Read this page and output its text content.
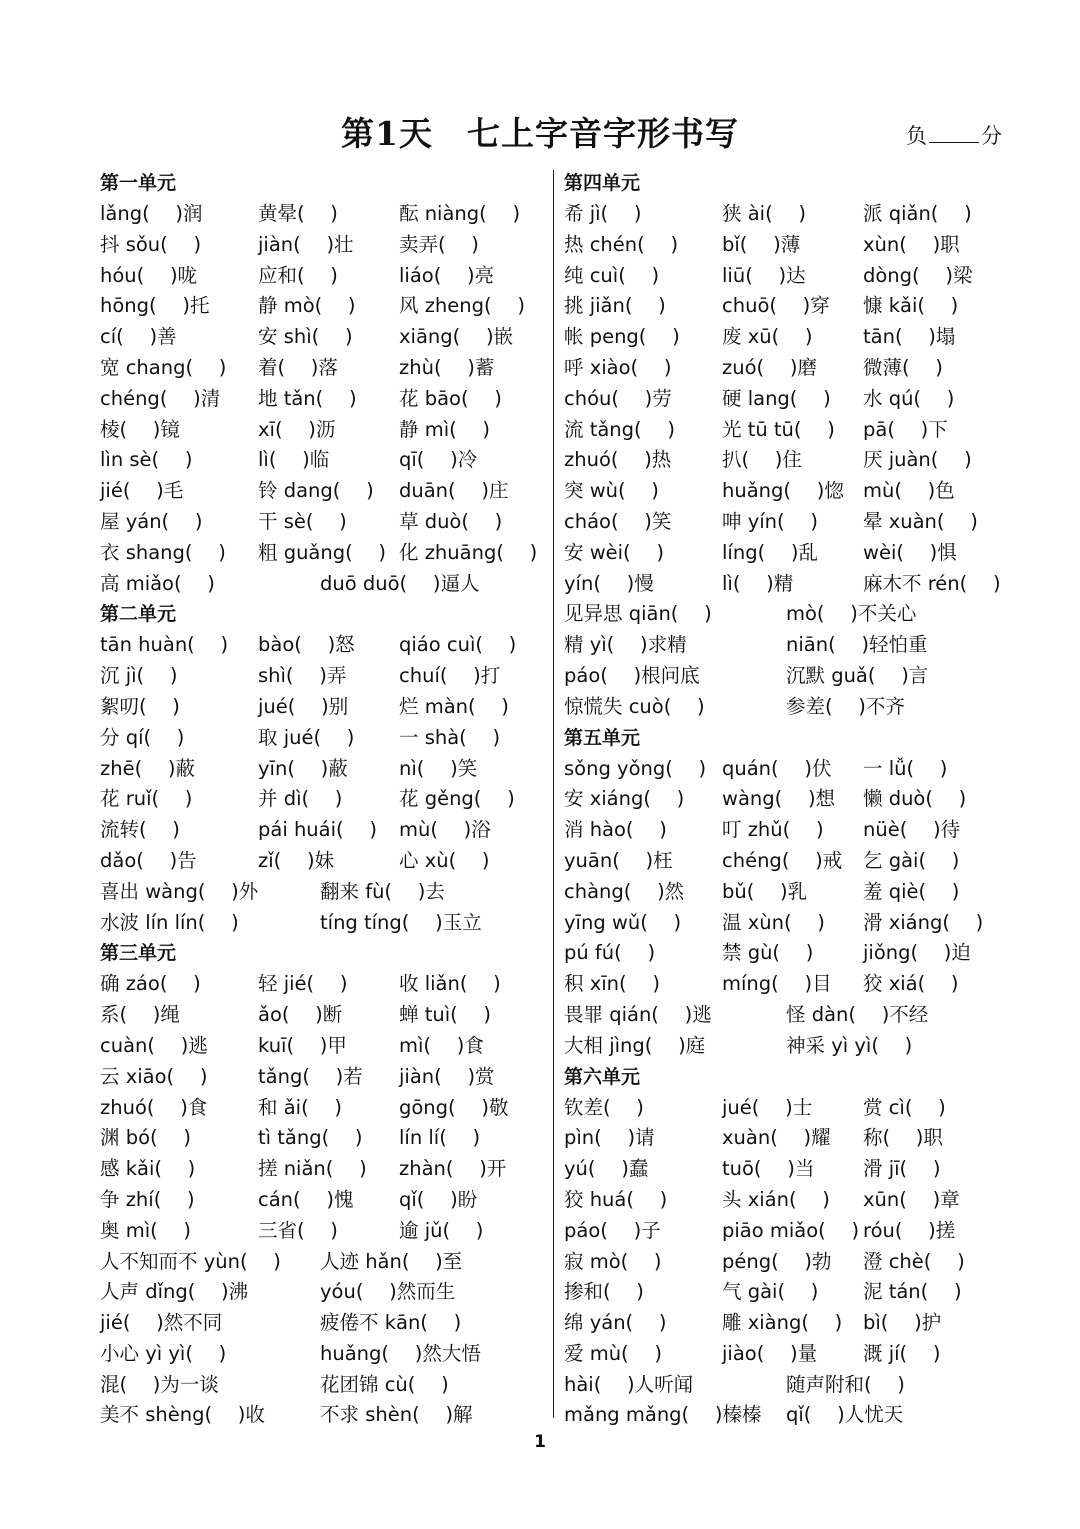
第1天 七上字音字形书写	负	分
第一单元
lǎng(　 )润	黄晕(　 )	酝 niàng(　 )
抖 sǒu(　 )	jiàn(　 )壮	卖弄(　 )
hóu(　 )咙	应和(　 )	liáo(　 )亮
hōng(　 )托	静 mò(　 )	风 zheng(　 )
cí(　 )善	安 shì(　 )	xiāng(　 )嵌
宽 chang(　 )	着(　 )落	zhù(　 )蓄
chéng(　 )清	地 tǎn(　 )	花 bāo(　 )
棱(　 )镜	xī(　 )沥	静 mì(　 )
lìn sè(　 )	lì(　 )临	qī(　 )冷
jié(　 )毛	铃 dang(　 )	duān(　 )庄
屋 yán(　 )	干 sè(　 )	草 duò(　 )
衣 shang(　 )	粗 guǎng(　 ) 化 zhuāng(　 )
高 miǎo(　 )	duō duō(　 )逼人
第二单元
tān huàn(　 )	bào(　 )怒	qiáo cuì(　 )
沉 jì(　 )	shì(　 )弄	chuí(　 )打
絮叨(　 )	jué(　 )别	烂 màn(　 )
分 qí(　 )	取 jué(　 )	一 shà(　 )
zhē(　 )蔽	yīn(　 )蔽	nì(　 )笑
花 ruǐ(　 )	并 dì(　 )	花 gěng(　 )
流转(　 )	pái huái(　 )	mù(　 )浴
dǎo(　 )告	zǐ(　 )妹	心 xù(　 )
喜出 wàng(　 )外	翻来 fù(　 )去
水波 lín lín(　 )	tíng tíng(　 )玉立
第三单元
确 záo(　 )	轻 jié(　 )	收 liǎn(　 )
系(　 )绳	ǎo(　 )断	蝉 tuì(　 )
cuàn(　 )逃	kuī(　 )甲	mì(　 )食
云 xiāo(　 )	tǎng(　 )若	jiàn(　 )赏
zhuó(　 )食	和 ǎi(　 )	gōng(　 )敬
渊 bó(　 )	tì tǎng(　 )	lín lí(　 )
感 kǎi(　 )	搓 niǎn(　 )	zhàn(　 )开
争 zhí(　 )	cán(　 )愧	qǐ(　 )盼
奥 mì(　 )	三省(　 )	逾 jǔ(　 )
人不知而不 yùn(　 )	人迹 hǎn(　 )至
人声 dǐng(　 )沸	yóu(　 )然而生
jié(　 )然不同	疲倦不 kān(　 )
小心 yì yì(　 )	huǎng(　 )然大悟
混(　 )为一谈	花团锦 cù(　 )
美不 shèng(　 )收	不求 shèn(　 )解
第四单元
希 jì(　 )	狭 ài(　 )	派 qiǎn(　 )
热 chén(　 )	bǐ(　 )薄	xùn(　 )职
纯 cuì(　 )	liū(　 )达	dòng(　 )梁
挑 jiǎn(　 )	chuō(　 )穿	慷 kǎi(　 )
帐 peng(　 )	废 xū(　 )	tān(　 )塌
呼 xiào(　 )	zuó(　 )磨	微薄(　 )
chóu(　 )劳	硬 lang(　 )	水 qú(　 )
流 tǎng(　 )	光 tū tū(　 )	pā(　 )下
zhuó(　 )热	扒(　 )住	厌 juàn(　 )
突 wù(　 )	huǎng(　 )惚 mù(　 )色
cháo(　 )笑	呻 yín(　 )	晕 xuàn(　 )
安 wèi(　 )	líng(　 )乱	wèi(　 )惧
yín(　 )慢	lì(　 )精	麻木不 rén(　 )
见异思 qiān(　 )	mò(　 )不关心
精 yì(　 )求精	niān(　 )轻怕重
páo(　 )根问底	沉默 guǎ(　 )言
惊慌失 cuò(　 )	参差(　 )不齐
第五单元
sǒng yǒng(　 ) quán(　 )伏	一 lǚ(　 )
安 xiáng(　 )	wàng(　 )想	懒 duò(　 )
消 hào(　 )	叮 zhǔ(　 )	nüè(　 )待
yuān(　 )枉	chéng(　 )戒	乞 gài(　 )
chàng(　 )然	bǔ(　 )乳	羞 qiè(　 )
yīng wǔ(　 )	温 xùn(　 )	滑 xiáng(　 )
pú fú(　 )	禁 gù(　 )	jiǒng(　 )迫
积 xīn(　 )	míng(　 )目	狡 xiá(　 )
畏罪 qián(　 )逃	怪 dàn(　 )不经
大相 jìng(　 )庭	神采 yì yì(　 )
第六单元
钦差(　 )	jué(　 )士	赏 cì(　 )
pìn(　 )请	xuàn(　 )耀	称(　 )职
yú(　 )蠢	tuō(　 )当	滑 jī(　 )
狡 huá(　 )	头 xián(　 )	xūn(　 )章
páo(　 )子	piāo miǎo(　 ) róu(　 )搓
寂 mò(　 )	péng(　 )勃	澄 chè(　 )
掺和(　 )	气 gài(　 )	泥 tán(　 )
绵 yán(　 )	雕 xiàng(　 )	bì(　 )护
爱 mù(　 )	jiào(　 )量	溉 jí(　 )
hài(　 )人听闻	随声附和(　 )
mǎng mǎng(　 )榛榛	qǐ(　 )人忧天
1
